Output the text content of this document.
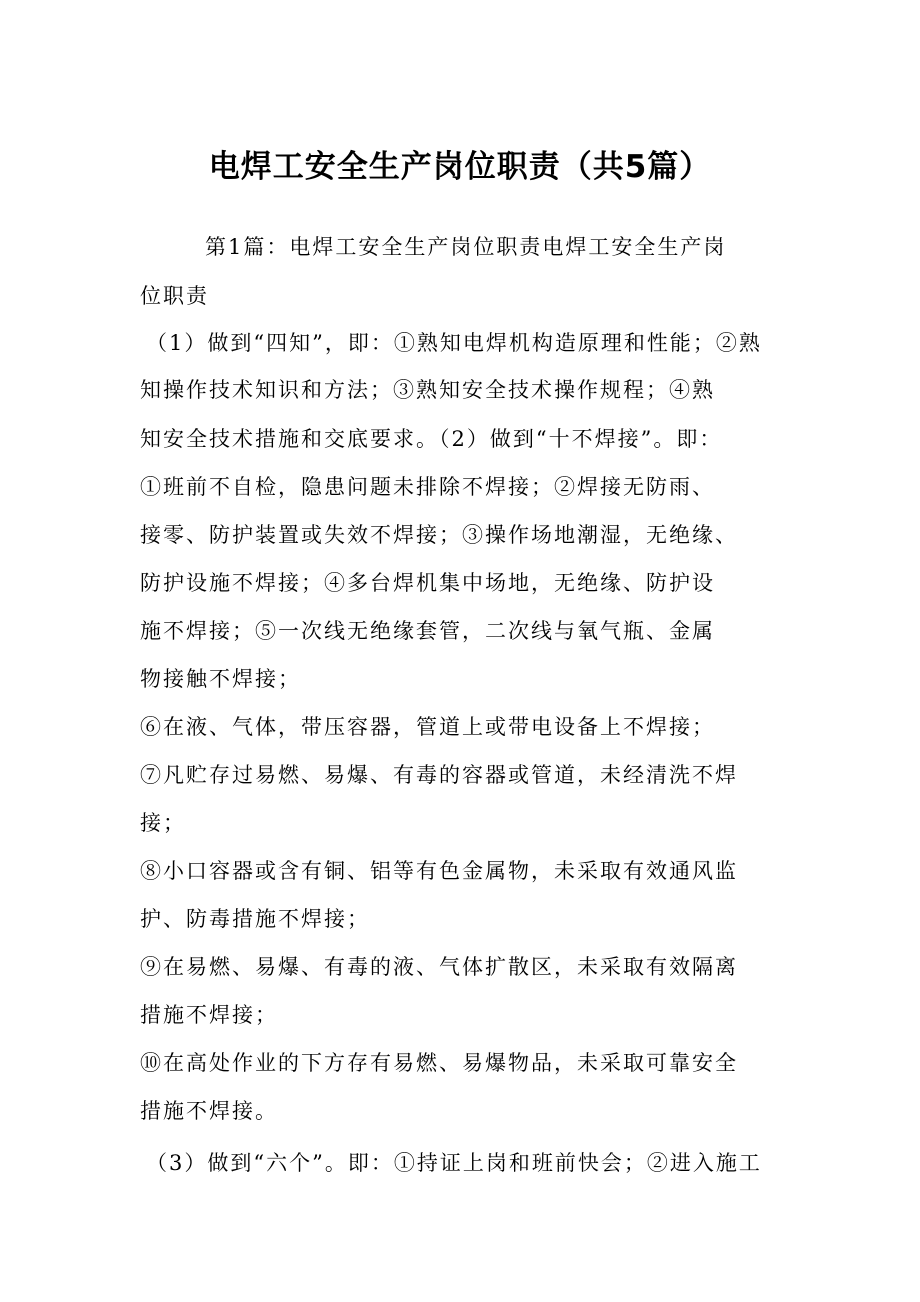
电焊工安全生产岗位职责（共5篇）
第1篇：电焊工安全生产岗位职责电焊工安全生产岗
位职责
（1）做到“四知”，即：①熟知电焊机构造原理和性能；②熟
知操作技术知识和方法；③熟知安全技术操作规程；④熟
知安全技术措施和交底要求。（2）做到“十不焊接”。即：
①班前不自检，隐患问题未排除不焊接；②焊接无防雨、
接零、防护装置或失效不焊接；③操作场地潮湿，无绝缘、
防护设施不焊接；④多台焊机集中场地，无绝缘、防护设
施不焊接；⑤一次线无绝缘套管，二次线与氧气瓶、金属
物接触不焊接；
⑥在液、气体，带压容器，管道上或带电设备上不焊接；
⑦凡贮存过易燃、易爆、有毒的容器或管道，未经清洗不焊
接；
⑧小口容器或含有铜、铝等有色金属物，未采取有效通风监
护、防毒措施不焊接；
⑨在易燃、易爆、有毒的液、气体扩散区，未采取有效隔离
措施不焊接；
⑩在高处作业的下方存有易燃、易爆物品，未采取可靠安全
措施不焊接。
（3）做到“六个”。即：①持证上岗和班前快会；②进入施工
